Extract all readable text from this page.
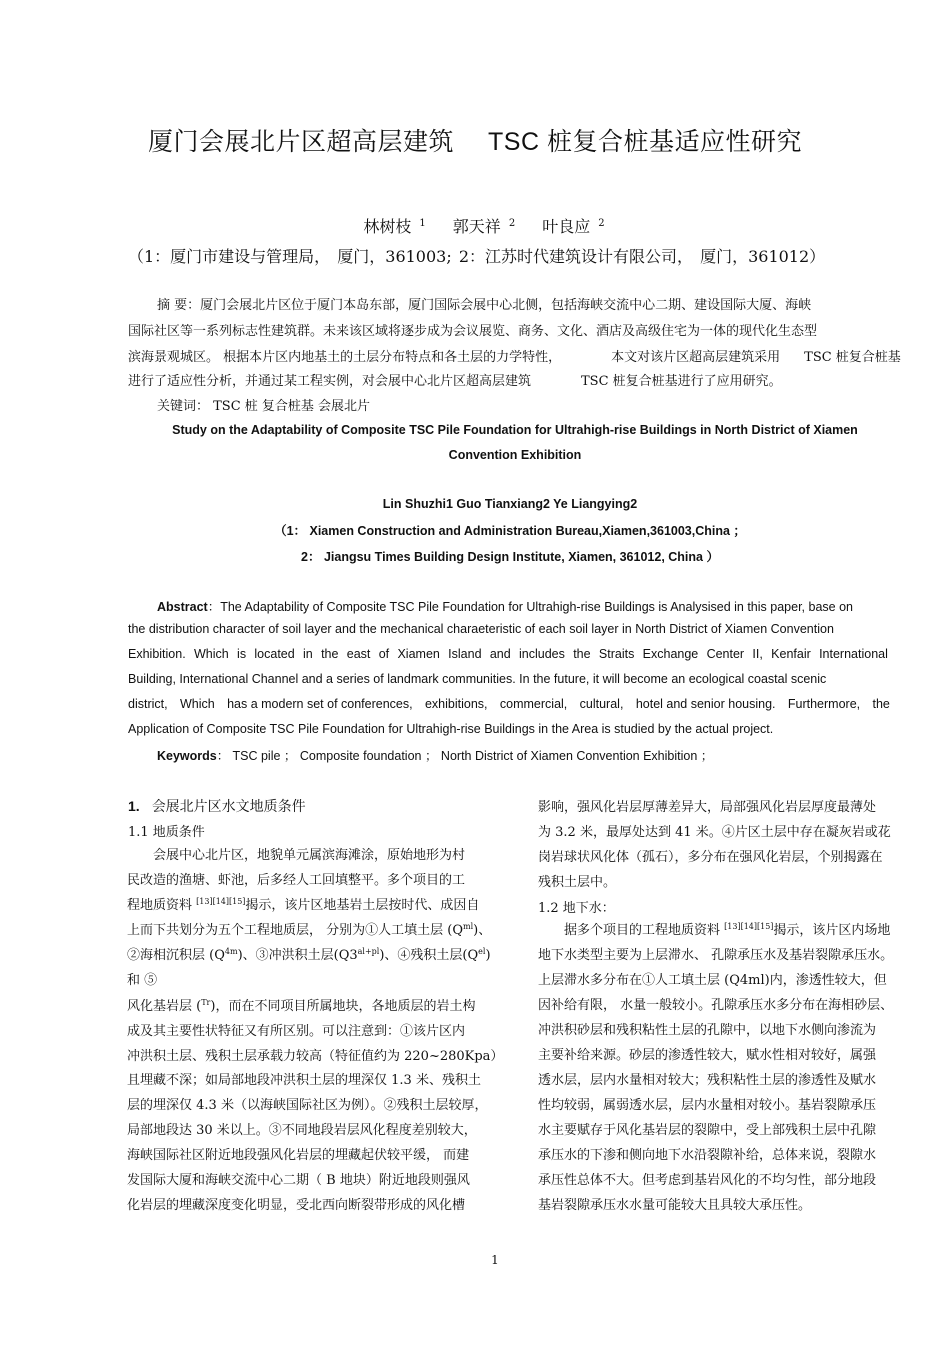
厦门会展北片区超高层建筑 TSC 桩复合桩基适应性研究
林树枝 $^1$ 郭天祥 $^2$ 叶良应 $^2$
（1：厦门市建设与管理局， 厦门，361003; 2：江苏时代建筑设计有限公司， 厦门，361012）
摘 要：厦门会展北片区位于厦门本岛东部，厦门国际会展中心北侧，包括海峡交流中心二期、建设国际大厦、海峡
国际社区等一系列标志性建筑群。未来该区域将逐步成为会议展览、商务、文化、酒店及高级住宅为一体的现代化生态型
滨海景观城区。 根据本片区内地基土的土层分布特点和各土层的力学特性，	本文对该片区超高层建筑采用 TSC 桩复合桩基
进行了适应性分析，并通过某工程实例，对会展中心北片区超高层建筑	TSC 桩复合桩基进行了应用研究。
关键词： TSC 桩 复合桩基 会展北片
Study on the Adaptability of Composite TSC Pile Foundation for Ultrahigh-rise Buildings in North District of Xiamen
Convention Exhibition
Lin Shuzhi1 Guo Tianxiang2 Ye Liangying2
（1： Xiamen Construction and Administration Bureau,Xiamen,361003,China ；
2： Jiangsu Times Building Design Institute, Xiamen, 361012, China ）
Abstract：The Adaptability of Composite TSC Pile Foundation for Ultrahigh-rise Buildings is Analysised in this paper, base on
the distribution character of soil layer and the mechanical charaeteristic of each soil layer in North District of Xiamen Convention
Exhibition. Which is located in the east of Xiamen Island and includes the Straits Exchange Center II, Kenfair International
Building, International Channel and a series of landmark communities. In the future, it will become an ecological coastal scenic
district, Which has a modern set of conferences, exhibitions, commercial, cultural, hotel and senior housing. Furthermore, the
Application of Composite TSC Pile Foundation for Ultrahigh-rise Buildings in the Area is studied by the actual project.
Keywords： TSC pile ； Composite foundation ； North District of Xiamen Convention Exhibition ；
1. 会展北片区水文地质条件
1.1 地质条件
会展中心北片区，地貌单元属滨海滩涂，原始地形为村
民改造的渔塘、虾池，后多经人工回填整平。多个项目的工
程地质资料 [13][14][15]揭示，该片区地基岩土层按时代、成因自
上而下共划分为五个工程地质层， 分别为①人工填土层 $(Q^{ml})$、
②海相沉积层 $(Q^{4m})$、③冲洪积土层$(Q3^{al+pl})$、④残积土层$(Q^{el})$
和 ⑤
风化基岩层 ($^{Tr}$)，而在不同项目所属地块，各地质层的岩土构
成及其主要性状特征又有所区别。可以注意到：①该片区内
冲洪积土层、残积土层承载力较高（特征值约为 220~280Kpa）
且埋藏不深；如局部地段冲洪积土层的埋深仅 1.3 米、残积土
层的埋深仅 4.3 米（以海峡国际社区为例）。②残积土层较厚，
局部地段达 30 米以上。③不同地段岩层风化程度差别较大，
海峡国际社区附近地段强风化岩层的埋藏起伏较平缓， 而建
发国际大厦和海峡交流中心二期（ B 地块）附近地段则强风
化岩层的埋藏深度变化明显，受北西向断裂带形成的风化槽
影响，强风化岩层厚薄差异大，局部强风化岩层厚度最薄处
为 3.2 米，最厚处达到 41 米。④片区土层中存在凝灰岩或花
岗岩球状风化体（孤石），多分布在强风化岩层，个别揭露在
残积土层中。
1.2 地下水：
据多个项目的工程地质资料 [13][14][15]揭示，该片区内场地
地下水类型主要为上层滞水、 孔隙承压水及基岩裂隙承压水。
上层滞水多分布在①人工填土层 (Q4ml)内，渗透性较大，但
因补给有限， 水量一般较小。孔隙承压水多分布在海相砂层、
冲洪积砂层和残积粘性土层的孔隙中，以地下水侧向渗流为
主要补给来源。砂层的渗透性较大，赋水性相对较好，属强
透水层，层内水量相对较大；残积粘性土层的渗透性及赋水
性均较弱，属弱透水层，层内水量相对较小。基岩裂隙承压
水主要赋存于风化基岩层的裂隙中，受上部残积土层中孔隙
承压水的下渗和侧向地下水沿裂隙补给，总体来说，裂隙水
承压性总体不大。但考虑到基岩风化的不均匀性，部分地段
基岩裂隙承压水水量可能较大且具较大承压性。
1
